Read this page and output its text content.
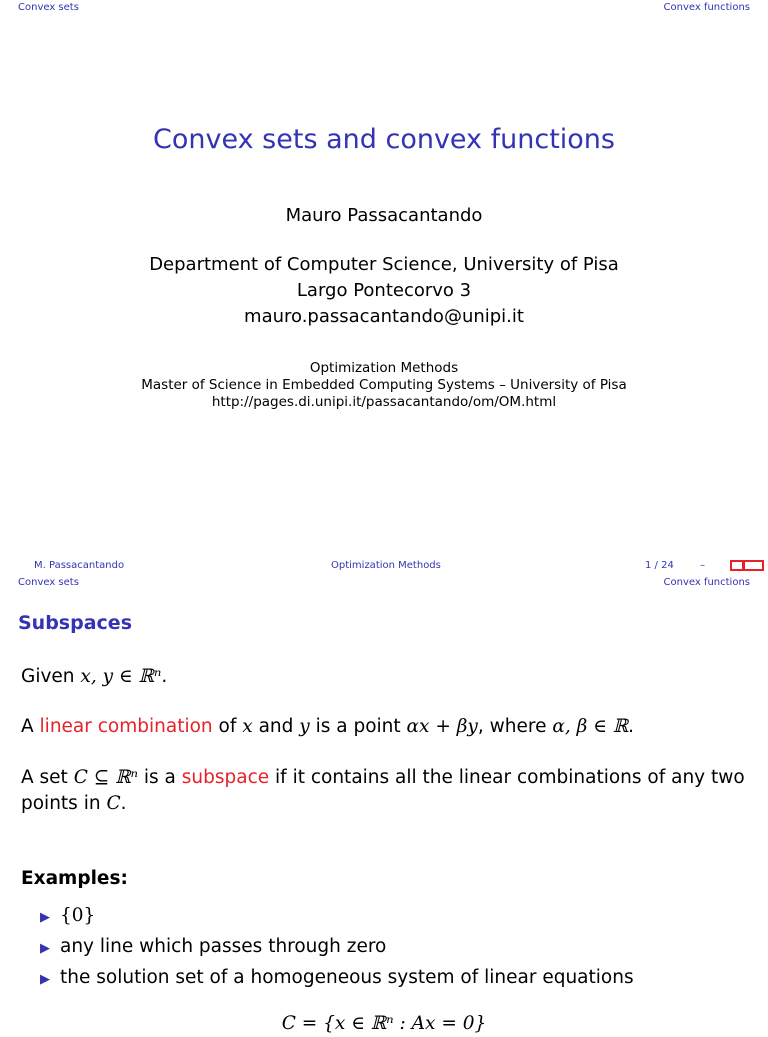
Convex sets	Convex functions
Convex sets and convex functions
Mauro Passacantando
Department of Computer Science, University of Pisa
Largo Pontecorvo 3
mauro.passacantando@unipi.it
Optimization Methods
Master of Science in Embedded Computing Systems – University of Pisa
http://pages.di.unipi.it/passacantando/om/OM.html
M. Passacantando	Optimization Methods	1 / 24	–
Convex sets	Convex functions
Subspaces
Given x, y ∈ ℝⁿ.
A linear combination of x and y is a point αx + βy, where α, β ∈ ℝ.
A set C ⊆ ℝⁿ is a subspace if it contains all the linear combinations of any two
points in C.
Examples:
▶ {0}
▶ any line which passes through zero
▶ the solution set of a homogeneous system of linear equations
C = {x ∈ ℝⁿ : Ax = 0}
